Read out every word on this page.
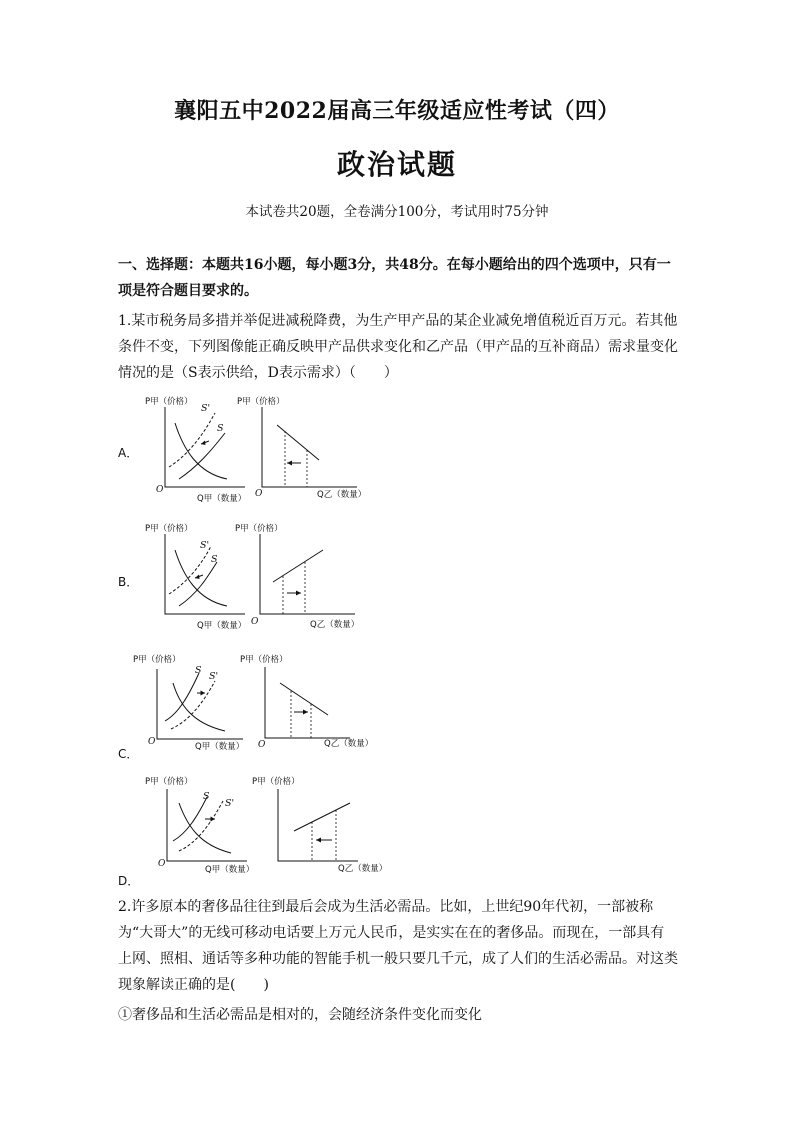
襄阳五中2022届高三年级适应性考试（四）
政治试题
本试卷共20题，全卷满分100分，考试用时75分钟
一、选择题：本题共16小题，每小题3分，共48分。在每小题给出的四个选项中，只有一项是符合题目要求的。
1.某市税务局多措并举促进减税降费，为生产甲产品的某企业减免增值税近百万元。若其他条件不变，下列图像能正确反映甲产品供求变化和乙产品（甲产品的互补商品）需求量变化情况的是（S表示供给，D表示需求）（　　）
A．
P甲（价格）
O
Q甲（数量）
S'
S
P甲（价格）
O	Q乙（数量）
B．
P甲（价格）
Q甲（数量）
S'
S
P甲（价格）
O	Q乙（数量）
P甲（价格）
O	Q甲（数量）
S
S'
P甲（价格）
O	Q乙（数量）
C．
P甲（价格）
O
Q甲（数量）
S
S'
P甲（价格）
Q乙（数量）
D．
2.许多原本的奢侈品往往到最后会成为生活必需品。比如，上世纪90年代初，一部被称为“大哥大”的无线可移动电话要上万元人民币，是实实在在的奢侈品。而现在，一部具有上网、照相、通话等多种功能的智能手机一般只要几千元，成了人们的生活必需品。对这类现象解读正确的是(　　)
①奢侈品和生活必需品是相对的，会随经济条件变化而变化
